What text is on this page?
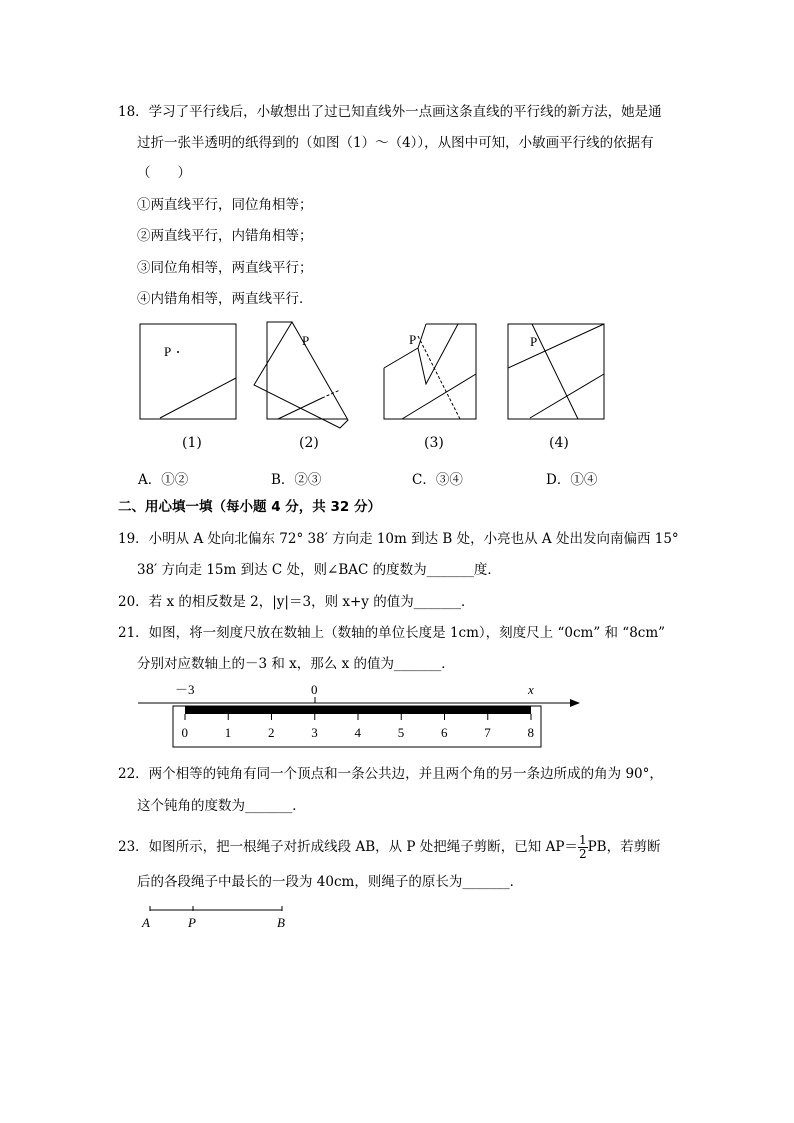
18．学习了平行线后，小敏想出了过已知直线外一点画这条直线的平行线的新方法，她是通
过折一张半透明的纸得到的（如图（1）～（4）），从图中可知，小敏画平行线的依据有
（　　）
①两直线平行，同位角相等；
②两直线平行，内错角相等；
③同位角相等，两直线平行；
④内错角相等，两直线平行．
P
P	P	P
(1)	(2)	(3)	(4)
A．①②	B．②③	C．③④	D．①④
二、用心填一填（每小题 4 分，共 32 分）
19．小明从 A 处向北偏东 72° 38′ 方向走 10m 到达 B 处，小亮也从 A 处出发向南偏西 15°
38′ 方向走 15m 到达 C 处，则∠BAC 的度数为_______度．
20．若 x 的相反数是 2，|y|＝3，则 x+y 的值为_______．
21．如图，将一刻度尺放在数轴上（数轴的单位长度是 1cm），刻度尺上 “0cm” 和 “8cm”
分别对应数轴上的－3 和 x，那么 x 的值为_______．
－3	0	x
0	1	2	3	4	5	6	7	8
22．两个相等的钝角有同一个顶点和一条公共边，并且两个角的另一条边所成的角为 90°，
这个钝角的度数为_______．
23．如图所示，把一根绳子对折成线段 AB，从 P 处把绳子剪断，已知 $AP= \frac{1}{2}$ PB，若剪断
后的各段绳子中最长的一段为 40cm，则绳子的原长为_______．
A	P	B
